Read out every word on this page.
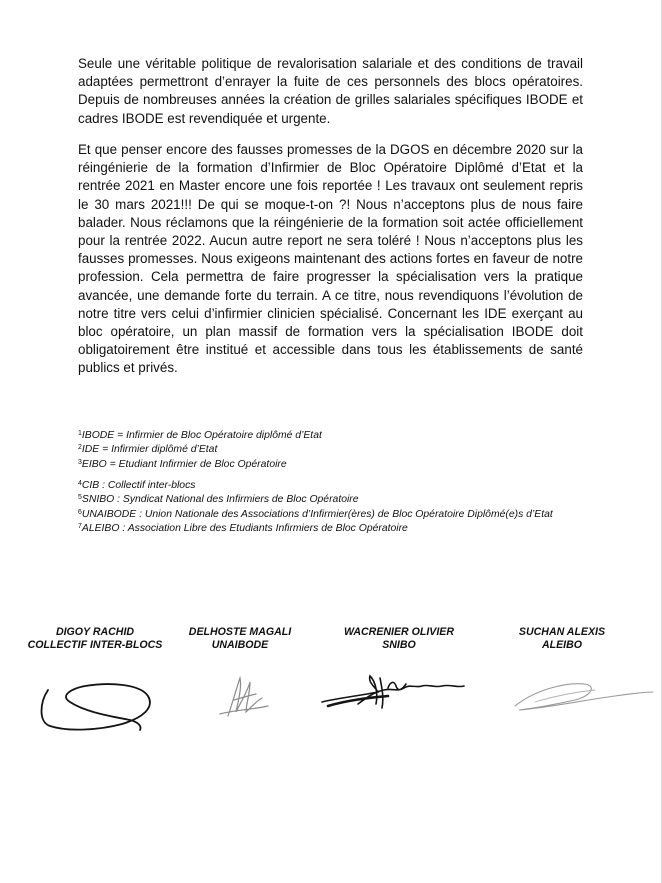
Seule une véritable politique de revalorisation salariale et des conditions de travail adaptées permettront d’enrayer la fuite de ces personnels des blocs opératoires. Depuis de nombreuses années la création de grilles salariales spécifiques IBODE et cadres IBODE est revendiquée et urgente.

Et que penser encore des fausses promesses de la DGOS en décembre 2020 sur la réingénierie de la formation d’Infirmier de Bloc Opératoire Diplômé d’Etat et la rentrée 2021 en Master encore une fois reportée ! Les travaux ont seulement repris le 30 mars 2021!!! De qui se moque-t-on ?! Nous n’acceptons plus de nous faire balader. Nous réclamons que la réingénierie de la formation soit actée officiellement pour la rentrée 2022. Aucun autre report ne sera toléré ! Nous n’acceptons plus les fausses promesses. Nous exigeons maintenant des actions fortes en faveur de notre profession. Cela permettra de faire progresser la spécialisation vers la pratique avancée, une demande forte du terrain. A ce titre, nous revendiquons l’évolution de notre titre vers celui d’infirmier clinicien spécialisé. Concernant les IDE exerçant au bloc opératoire, un plan massif de formation vers la spécialisation IBODE doit obligatoirement être institué et accessible dans tous les établissements de santé publics et privés.

$^1$IBODE = Infirmier de Bloc Opératoire diplômé d’Etat
$^2$IDE = Infirmier diplômé d’Etat
$^3$EIBO = Etudiant Infirmier de Bloc Opératoire
$^4$CIB : Collectif inter-blocs
$^5$SNIBO : Syndicat National des Infirmiers de Bloc Opératoire
$^6$UNAIBODE : Union Nationale des Associations d’Infirmier(ères) de Bloc Opératoire Diplômé(e)s d’Etat
$^7$ALEIBO : Association Libre des Etudiants Infirmiers de Bloc Opératoire
DIGOY RACHID
COLLECTIF INTER-BLOCS
DELHOSTE MAGALI
UNAIBODE
WACRENIER OLIVIER
SNIBO
SUCHAN ALEXIS
ALEIBO
